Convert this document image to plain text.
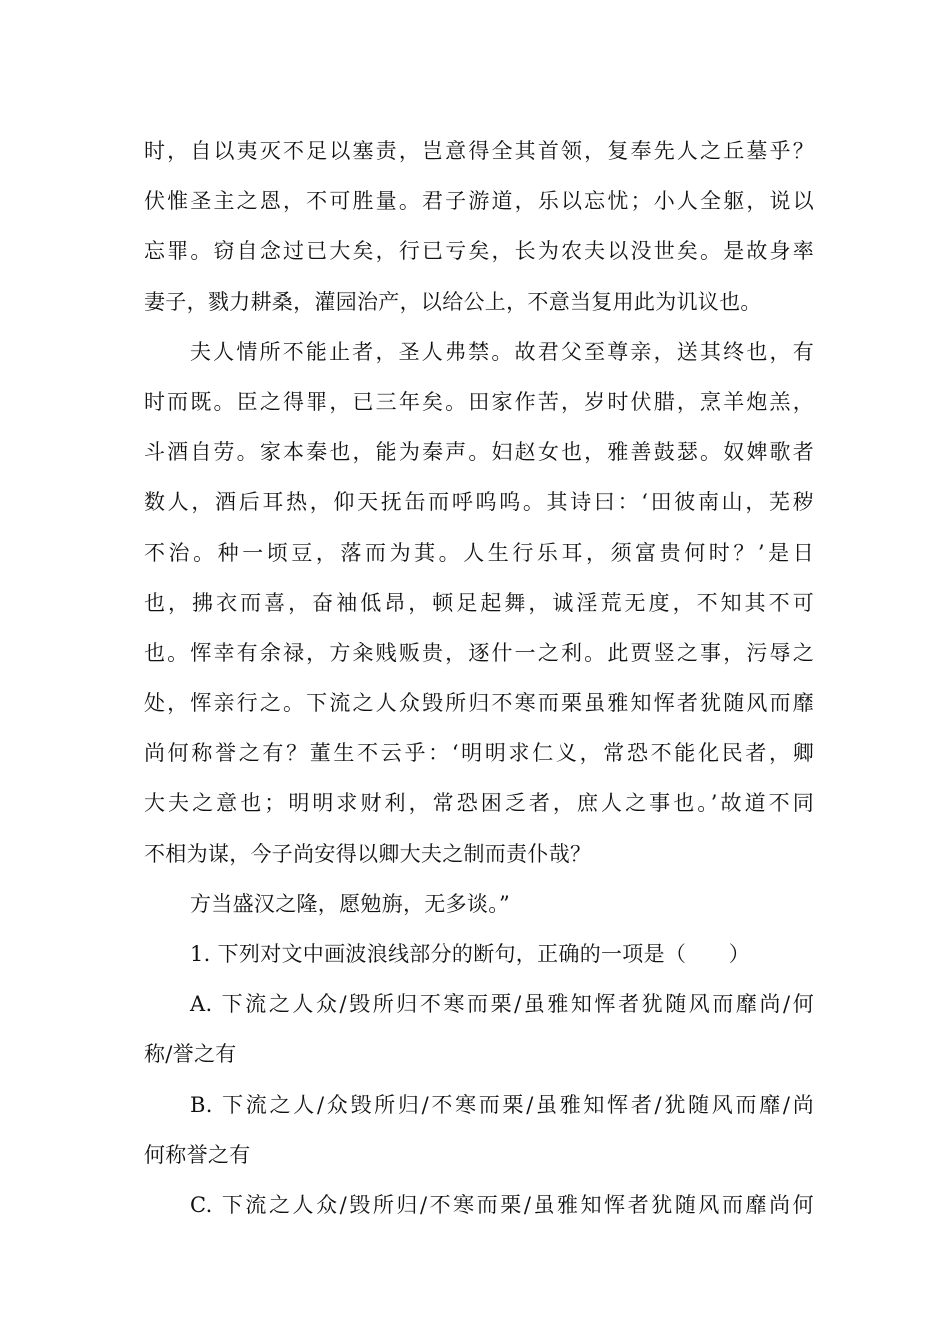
时，自以夷灭不足以塞责，岂意得全其首领，复奉先人之丘墓乎？
伏惟圣主之恩，不可胜量。君子游道，乐以忘忧；小人全躯，说以
忘罪。窃自念过已大矣，行已亏矣，长为农夫以没世矣。是故身率
妻子，戮力耕桑，灌园治产，以给公上，不意当复用此为讥议也。
夫人情所不能止者，圣人弗禁。故君父至尊亲，送其终也，有
时而既。臣之得罪，已三年矣。田家作苦，岁时伏腊，烹羊炮羔，
斗酒自劳。家本秦也，能为秦声。妇赵女也，雅善鼓瑟。奴婢歌者
数人，酒后耳热，仰天抚缶而呼呜呜。其诗曰：‘田彼南山，芜秽
不治。种一顷豆，落而为萁。人生行乐耳，须富贵何时？’是日
也，拂衣而喜，奋袖低昂，顿足起舞，诚淫荒无度，不知其不可
也。恽幸有余禄，方籴贱贩贵，逐什一之利。此贾竖之事，污辱之
处，恽亲行之。下流之人众毁所归不寒而栗虽雅知恽者犹随风而靡
尚何称誉之有？董生不云乎：‘明明求仁义，常恐不能化民者，卿
大夫之意也；明明求财利，常恐困乏者，庶人之事也。’故道不同
不相为谋，今子尚安得以卿大夫之制而责仆哉？
方当盛汉之隆，愿勉旃，无多谈。”
1. 下列对文中画波浪线部分的断句，正确的一项是（　　）
A. 下流之人众/毁所归不寒而栗/虽雅知恽者犹随风而靡尚/何
称/誉之有
B. 下流之人/众毁所归/不寒而栗/虽雅知恽者/犹随风而靡/尚
何称誉之有
C. 下流之人众/毁所归/不寒而栗/虽雅知恽者犹随风而靡尚何
